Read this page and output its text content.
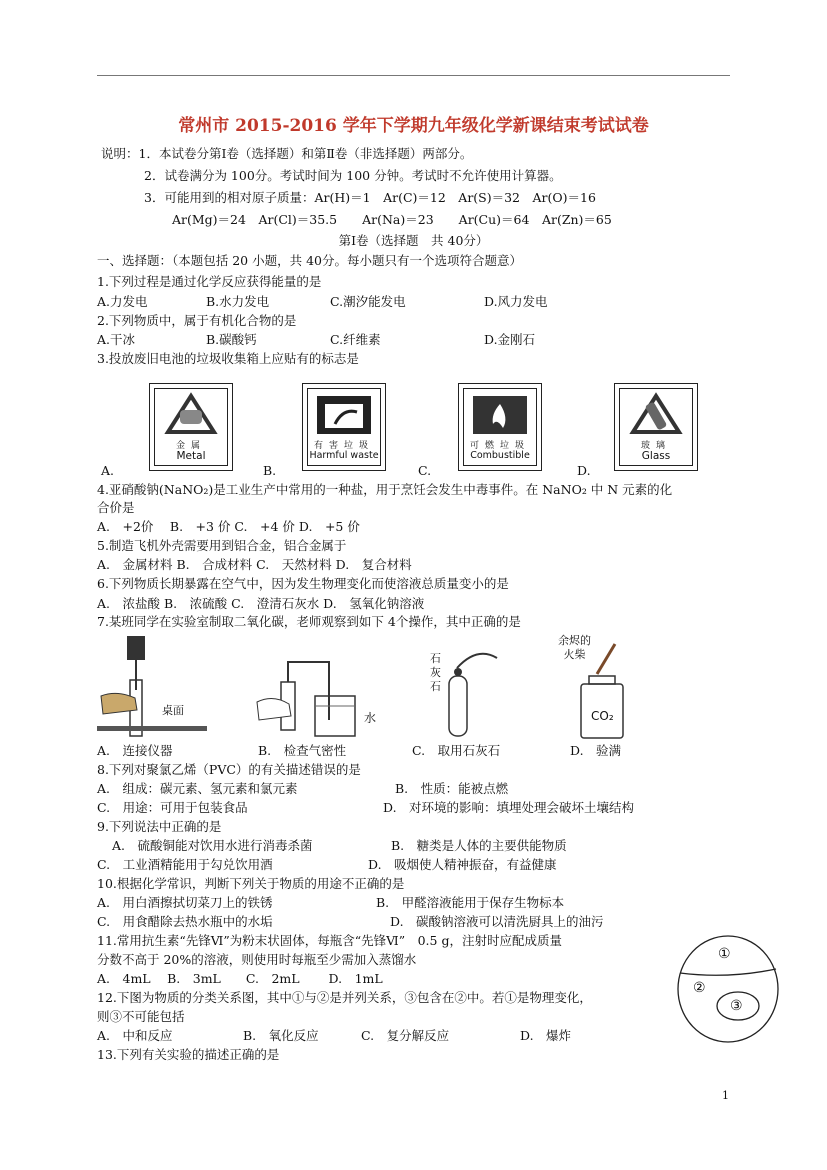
常州市 2015-2016 学年下学期九年级化学新课结束考试试卷
说明：1．本试卷分第Ⅰ卷（选择题）和第Ⅱ卷（非选择题）两部分。
2．试卷满分为 100分。考试时间为 100 分钟。考试时不允许使用计算器。
3．可能用到的相对原子质量：Ar(H)＝1　Ar(C)＝12　Ar(S)＝32　Ar(O)＝16
Ar(Mg)＝24　Ar(Cl)＝35.5　　Ar(Na)＝23　　Ar(Cu)＝64　Ar(Zn)＝65
第Ⅰ卷（选择题　共 40分）
一、选择题：（本题包括 20 小题，共 40分。每小题只有一个选项符合题意）
1.下列过程是通过化学反应获得能量的是
A.力发电	B.水力发电	C.潮汐能发电	D.风力发电
2.下列物质中，属于有机化合物的是
A.干冰	B.碳酸钙	C.纤维素	D.金刚石
3.投放废旧电池的垃圾收集箱上应贴有的标志是
金属
Metal
有害垃圾
Harmful waste
可燃垃圾
Combustible
玻璃
Glass
A.	B.	C.	D.
4.亚硝酸钠(NaNO₂)是工业生产中常用的一种盐，用于烹饪会发生中毒事件。在 NaNO₂ 中 N 元素的化
合价是
A.　+2价　 B.　+3 价 C.　+4 价 D.　+5 价
5.制造飞机外壳需要用到铝合金，铝合金属于
A.　金属材料 B.　合成材料 C.　天然材料 D.　复合材料
6.下列物质长期暴露在空气中，因为发生物理变化而使溶液总质量变小的是
A.　浓盐酸 B.　浓硫酸 C.　澄清石灰水 D.　氢氧化钠溶液
7.某班同学在实验室制取二氧化碳，老师观察到如下 4个操作，其中正确的是
桌面
水
石
灰
石
余烬的
火柴
CO₂
A.　连接仪器	B.　检查气密性	C.　取用石灰石	D.　验满
8.下列对聚氯乙烯（PVC）的有关描述错误的是
A.　组成：碳元素、氢元素和氯元素	B.　性质：能被点燃
C.　用途：可用于包装食品	D.　对环境的影响：填埋处理会破坏土壤结构
9.下列说法中正确的是
A.　硫酸铜能对饮用水进行消毒杀菌	B.　糖类是人体的主要供能物质
C.　工业酒精能用于勾兑饮用酒	D.　吸烟使人精神振奋，有益健康
10.根据化学常识，判断下列关于物质的用途不正确的是
A.　用白酒擦拭切菜刀上的铁锈	B.　甲醛溶液能用于保存生物标本
C.　用食醋除去热水瓶中的水垢	D.　碳酸钠溶液可以清洗厨具上的油污
11.常用抗生素“先锋Ⅵ”为粉末状固体，每瓶含“先锋Ⅵ”　0.5 g，注射时应配成质量
分数不高于 20%的溶液，则使用时每瓶至少需加入蒸馏水
A.　4mL　 B.　3mL　　C.　2mL　　 D.　1mL
12.下图为物质的分类关系图，其中①与②是并列关系，③包含在②中。若①是物理变化，
则③不可能包括
A.　中和反应	B.　氧化反应	C.　复分解反应	D.　爆炸
①
②
③
13.下列有关实验的描述正确的是
1
